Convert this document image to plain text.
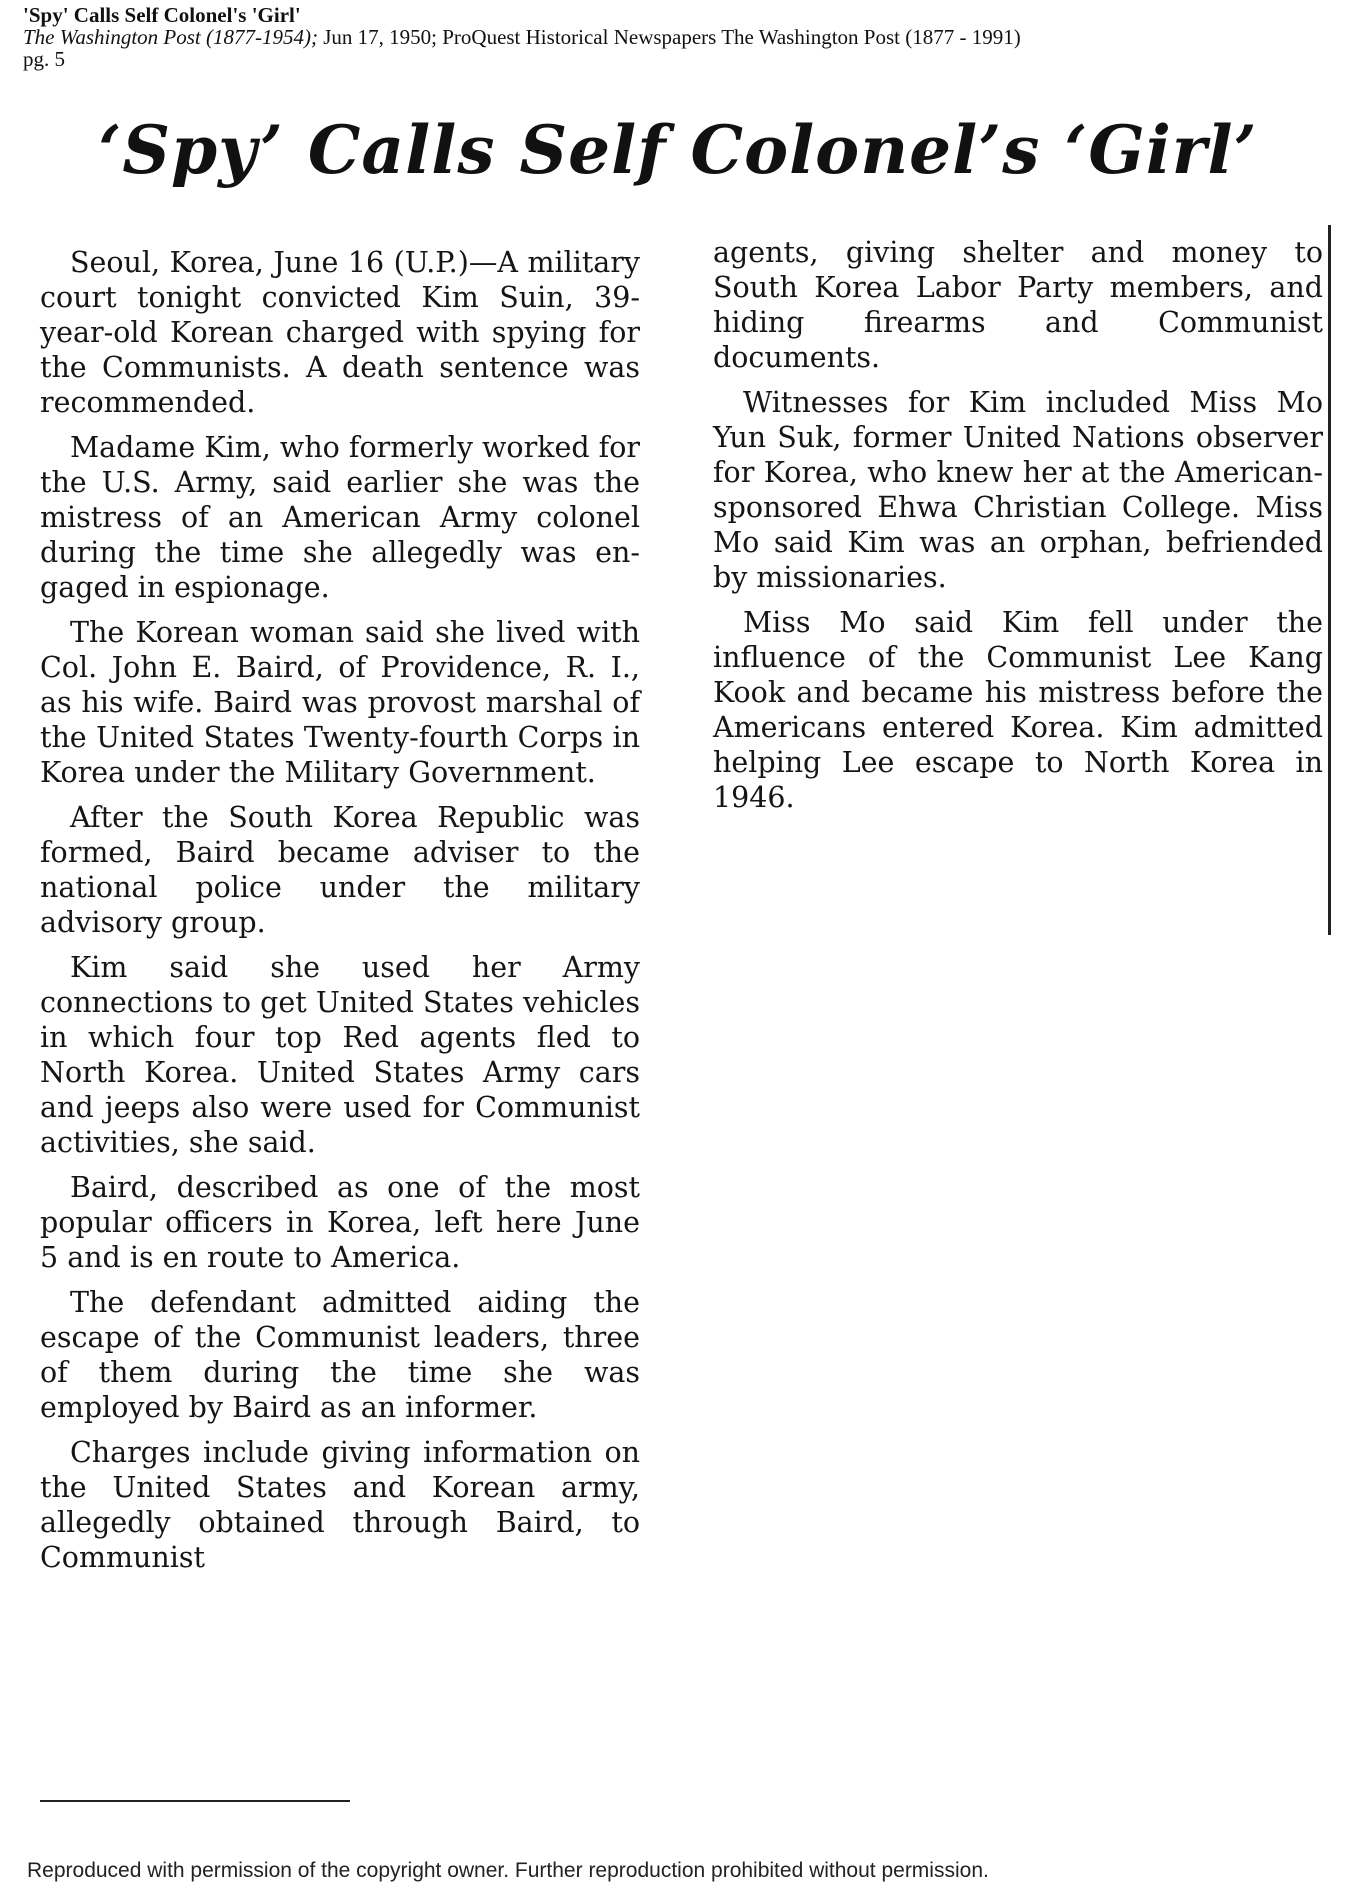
'Spy' Calls Self Colonel's 'Girl'
The Washington Post (1877-1954); Jun 17, 1950; ProQuest Historical Newspapers The Washington Post (1877 - 1991)
pg. 5
‘Spy’ Calls Self Colonel’s ‘Girl’

Seoul, Korea, June 16 (U.P.)—A military court tonight convicted Kim Suin, 39-year-old Korean charged with spying for the Communists. A death sentence was recommended.

Madame Kim, who formerly worked for the U.S. Army, said earlier she was the mistress of an American Army colonel during the time she allegedly was engaged in espionage.

The Korean woman said she lived with Col. John E. Baird, of Providence, R. I., as his wife. Baird was provost marshal of the United States Twenty-fourth Corps in Korea under the Military Government.

After the South Korea Republic was formed, Baird became adviser to the national police under the military advisory group.

Kim said she used her Army connections to get United States vehicles in which four top Red agents fled to North Korea. United States Army cars and jeeps also were used for Communist activities, she said.

Baird, described as one of the most popular officers in Korea, left here June 5 and is en route to America.

The defendant admitted aiding the escape of the Communist leaders, three of them during the time she was employed by Baird as an informer.

Charges include giving information on the United States and Korean army, allegedly obtained through Baird, to Communist

agents, giving shelter and money to South Korea Labor Party members, and hiding firearms and Communist documents.

Witnesses for Kim included Miss Mo Yun Suk, former United Nations observer for Korea, who knew her at the American-sponsored Ehwa Christian College. Miss Mo said Kim was an orphan, befriended by missionaries.

Miss Mo said Kim fell under the influence of the Communist Lee Kang Kook and became his mistress before the Americans entered Korea. Kim admitted helping Lee escape to North Korea in 1946.

Reproduced with permission of the copyright owner. Further reproduction prohibited without permission.
